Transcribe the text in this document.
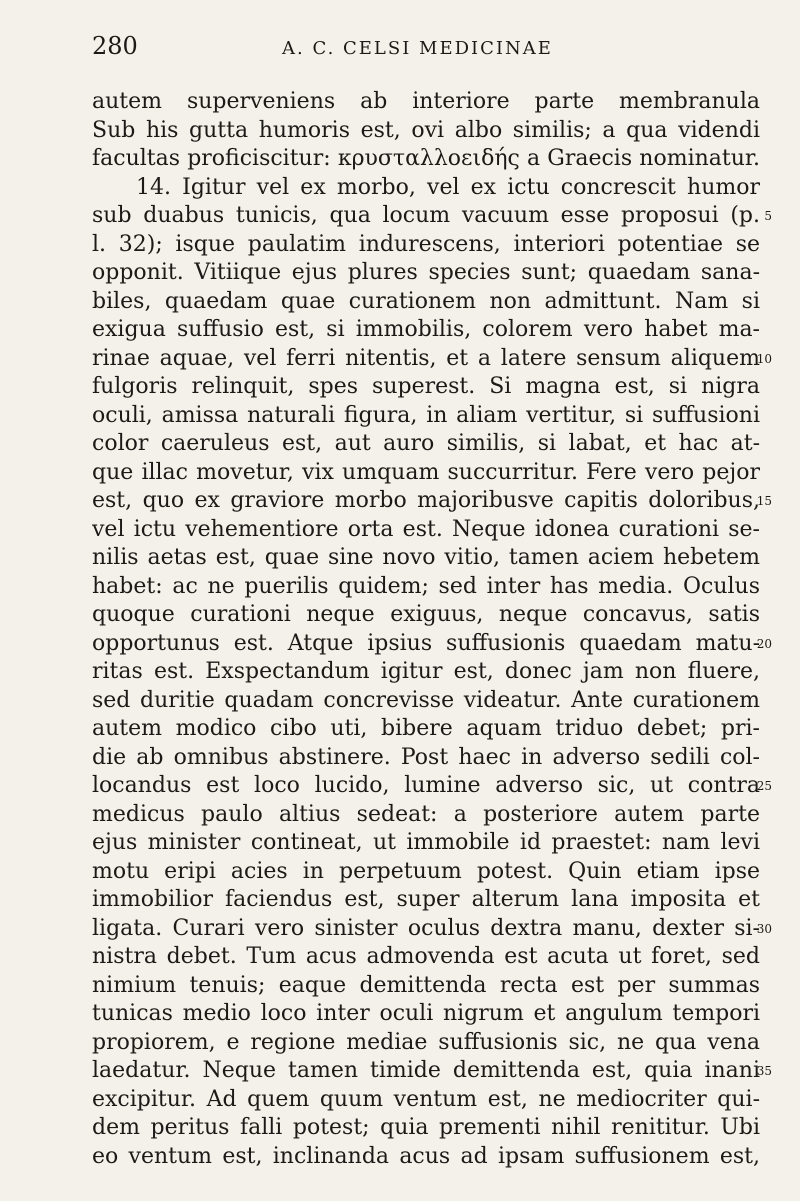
280	A. C. CELSI MEDICINAE
autem superveniens ab interiore parte membranula
Sub his gutta humoris est, ovi albo similis; a qua videndi
facultas proficiscitur: κρυσταλλοειδής a Graecis nominatur.
14. Igitur vel ex morbo, vel ex ictu concrescit humor
sub duabus tunicis, qua locum vacuum esse proposui (p. 5
l. 32); isque paulatim indurescens, interiori potentiae se
opponit. Vitiique ejus plures species sunt; quaedam sana-
biles, quaedam quae curationem non admittunt. Nam si
exigua suffusio est, si immobilis, colorem vero habet ma-
rinae aquae, vel ferri nitentis, et a latere sensum aliquem
10
fulgoris relinquit, spes superest. Si magna est, si nigra
oculi, amissa naturali figura, in aliam vertitur, si suffusioni
color caeruleus est, aut auro similis, si labat, et hac at-
que illac movetur, vix umquam succurritur. Fere vero pejor
est, quo ex graviore morbo majoribusve capitis doloribus,
15
vel ictu vehementiore orta est. Neque idonea curationi se-
nilis aetas est, quae sine novo vitio, tamen aciem hebetem
habet: ac ne puerilis quidem; sed inter has media. Oculus
quoque curationi neque exiguus, neque concavus, satis
opportunus est. Atque ipsius suffusionis quaedam matu-
20
ritas est. Exspectandum igitur est, donec jam non fluere,
sed duritie quadam concrevisse videatur. Ante curationem
autem modico cibo uti, bibere aquam triduo debet; pri-
die ab omnibus abstinere. Post haec in adverso sedili col-
locandus est loco lucido, lumine adverso sic, ut contra
25
medicus paulo altius sedeat: a posteriore autem parte
ejus minister contineat, ut immobile id praestet: nam levi
motu eripi acies in perpetuum potest. Quin etiam ipse
immobilior faciendus est, super alterum lana imposita et
ligata. Curari vero sinister oculus dextra manu, dexter si-
30
nistra debet. Tum acus admovenda est acuta ut foret, sed
nimium tenuis; eaque demittenda recta est per summas
tunicas medio loco inter oculi nigrum et angulum tempori
propiorem, e regione mediae suffusionis sic, ne qua vena
laedatur. Neque tamen timide demittenda est, quia inani
35
excipitur. Ad quem quum ventum est, ne mediocriter qui-
dem peritus falli potest; quia prementi nihil renititur. Ubi
eo ventum est, inclinanda acus ad ipsam suffusionem est,
